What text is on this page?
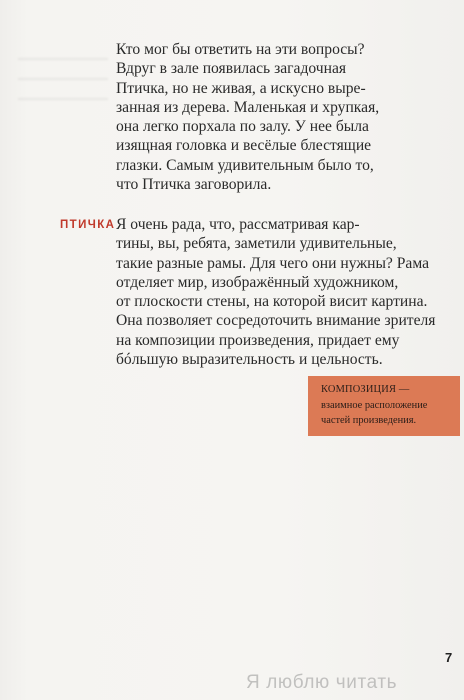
Кто мог бы ответить на эти вопросы?
Вдруг в зале появилась загадочная
Птичка, но не живая, а искусно выре-
занная из дерева. Маленькая и хрупкая,
она легко порхала по залу. У нее была
изящная головка и весёлые блестящие
глазки. Самым удивительным было то,
что Птичка заговорила.

ПТИЧКА Я очень рада, что, рассматривая кар-
тины, вы, ребята, заметили удивительные,
такие разные рамы. Для чего они нужны? Рама
отделяет мир, изображённый художником,
от плоскости стены, на которой висит картина.
Она позволяет сосредоточить внимание зрителя
на композиции произведения, придает ему
бóльшую выразительность и цельность.

КОМПОЗИЦИЯ —
взаимное расположение
частей произведения.
7
Я люблю читать
